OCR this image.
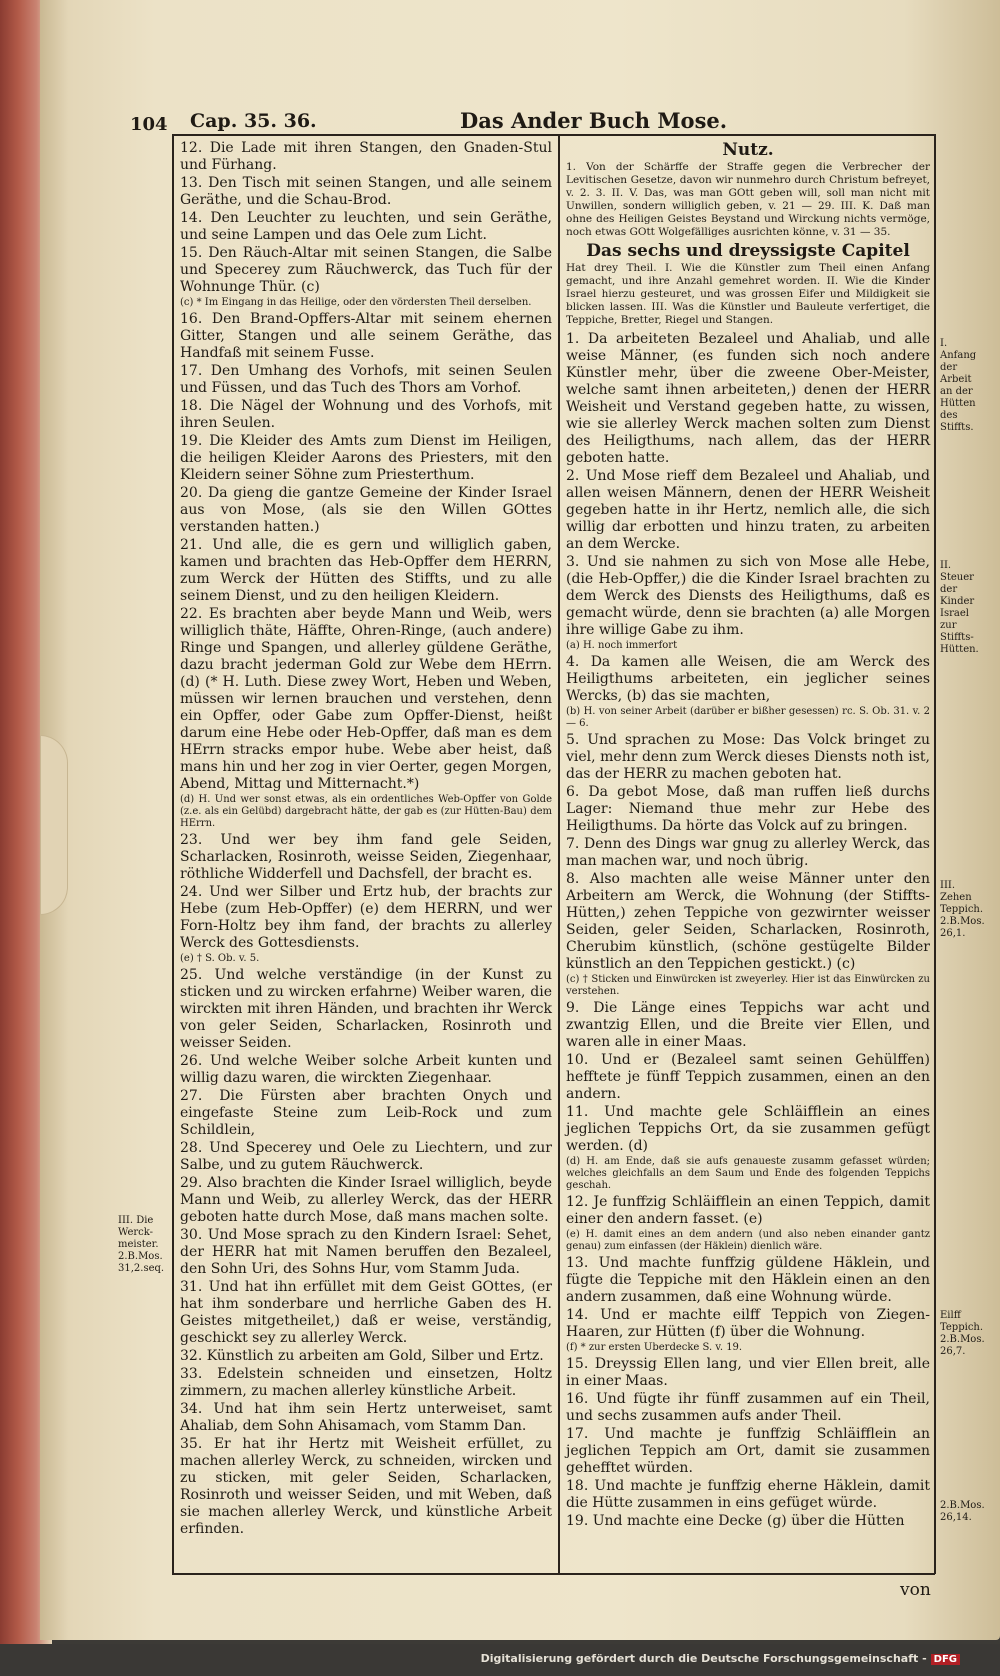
104 Cap. 35. 36.	Das Ander Buch Mose.
12. Die Lade mit ihren Stangen, den Gnaden-Stul und Fürhang.
13. Den Tisch mit seinen Stangen, und alle seinem Geräthe, und die Schau-Brod.
14. Den Leuchter zu leuchten, und sein Geräthe, und seine Lampen und das Oele zum Licht.
15. Den Räuch-Altar mit seinen Stangen, die Salbe und Specerey zum Räuchwerck, das Tuch für der Wohnunge Thür. (c)
(c) * Im Eingang in das Heilige, oder den vördersten Theil derselben.
16. Den Brand-Opffers-Altar mit seinem ehernen Gitter, Stangen und alle seinem Geräthe, das Handfaß mit seinem Fusse.
17. Den Umhang des Vorhofs, mit seinen Seulen und Füssen, und das Tuch des Thors am Vorhof.
18. Die Nägel der Wohnung und des Vorhofs, mit ihren Seulen.
19. Die Kleider des Amts zum Dienst im Heiligen, die heiligen Kleider Aarons des Priesters, mit den Kleidern seiner Söhne zum Priesterthum.
20. Da gieng die gantze Gemeine der Kinder Israel aus von Mose, (als sie den Willen GOttes verstanden hatten.)
21. Und alle, die es gern und williglich gaben, kamen und brachten das Heb-Opffer dem HERRN, zum Werck der Hütten des Stiffts, und zu alle seinem Dienst, und zu den heiligen Kleidern.
22. Es brachten aber beyde Mann und Weib, wers williglich thäte, Häffte, Ohren-Ringe, (auch andere) Ringe und Spangen, und allerley güldene Geräthe, dazu bracht jederman Gold zur Webe dem HErrn. (d) (* H. Luth. Diese zwey Wort, Heben und Weben, müssen wir lernen brauchen und verstehen, denn ein Opffer, oder Gabe zum Opffer-Dienst, heißt darum eine Hebe oder Heb-Opffer, daß man es dem HErrn stracks empor hube. Webe aber heist, daß mans hin und her zog in vier Oerter, gegen Morgen, Abend, Mittag und Mitternacht.*)
(d) H. Und wer sonst etwas, als ein ordentliches Web-Opffer von Golde (z.e. als ein Gelübd) dargebracht hätte, der gab es (zur Hütten-Bau) dem HErrn.
23. Und wer bey ihm fand gele Seiden, Scharlacken, Rosinroth, weisse Seiden, Ziegenhaar, röthliche Widderfell und Dachsfell, der bracht es.
24. Und wer Silber und Ertz hub, der brachts zur Hebe (zum Heb-Opffer) (e) dem HERRN, und wer Forn-Holtz bey ihm fand, der brachts zu allerley Werck des Gottesdiensts.
(e) † S. Ob. v. 5.
25. Und welche verständige (in der Kunst zu sticken und zu wircken erfahrne) Weiber waren, die wirckten mit ihren Händen, und brachten ihr Werck von geler Seiden, Scharlacken, Rosinroth und weisser Seiden.
26. Und welche Weiber solche Arbeit kunten und willig dazu waren, die wirckten Ziegenhaar.
27. Die Fürsten aber brachten Onych und eingefaste Steine zum Leib-Rock und zum Schildlein,
28. Und Specerey und Oele zu Liechtern, und zur Salbe, und zu gutem Räuchwerck.
29. Also brachten die Kinder Israel williglich, beyde Mann und Weib, zu allerley Werck, das der HERR geboten hatte durch Mose, daß mans machen solte.
30. Und Mose sprach zu den Kindern Israel: Sehet, der HERR hat mit Namen beruffen den Bezaleel, den Sohn Uri, des Sohns Hur, vom Stamm Juda.
31. Und hat ihn erfüllet mit dem Geist GOttes, (er hat ihm sonderbare und herrliche Gaben des H. Geistes mitgetheilet,) daß er weise, verständig, geschickt sey zu allerley Werck.
32. Künstlich zu arbeiten am Gold, Silber und Ertz.
33. Edelstein schneiden und einsetzen, Holtz zimmern, zu machen allerley künstliche Arbeit.
34. Und hat ihm sein Hertz unterweiset, samt Ahaliab, dem Sohn Ahisamach, vom Stamm Dan.
35. Er hat ihr Hertz mit Weisheit erfüllet, zu machen allerley Werck, zu schneiden, wircken und zu sticken, mit geler Seiden, Scharlacken, Rosinroth und weisser Seiden, und mit Weben, daß sie machen allerley Werck, und künstliche Arbeit erfinden.
Nutz.
1. Von der Schärffe der Straffe gegen die Verbrecher der Levitischen Gesetze, davon wir nunmehro durch Christum befreyet, v. 2. 3. II. V. Das, was man GOtt geben will, soll man nicht mit Unwillen, sondern williglich geben, v. 21 — 29. III. K. Daß man ohne des Heiligen Geistes Beystand und Wirckung nichts vermöge, noch etwas GOtt Wolgefälliges ausrichten könne, v. 31 — 35.
Das sechs und dreyssigste Capitel
Hat drey Theil. I. Wie die Künstler zum Theil einen Anfang gemacht, und ihre Anzahl gemehret worden. II. Wie die Kinder Israel hierzu gesteuret, und was grossen Eifer und Mildigkeit sie blicken lassen. III. Was die Künstler und Bauleute verfertiget, die Teppiche, Bretter, Riegel und Stangen.
1. Da arbeiteten Bezaleel und Ahaliab, und alle weise Männer, (es funden sich noch andere Künstler mehr, über die zweene Ober-Meister, welche samt ihnen arbeiteten,) denen der HERR Weisheit und Verstand gegeben hatte, zu wissen, wie sie allerley Werck machen solten zum Dienst des Heiligthums, nach allem, das der HERR geboten hatte.
2. Und Mose rieff dem Bezaleel und Ahaliab, und allen weisen Männern, denen der HERR Weisheit gegeben hatte in ihr Hertz, nemlich alle, die sich willig dar erbotten und hinzu traten, zu arbeiten an dem Wercke.
3. Und sie nahmen zu sich von Mose alle Hebe, (die Heb-Opffer,) die die Kinder Israel brachten zu dem Werck des Diensts des Heiligthums, daß es gemacht würde, denn sie brachten (a) alle Morgen ihre willige Gabe zu ihm.
(a) H. noch immerfort
4. Da kamen alle Weisen, die am Werck des Heiligthums arbeiteten, ein jeglicher seines Wercks, (b) das sie machten,
(b) H. von seiner Arbeit (darüber er bißher gesessen) rc. S. Ob. 31. v. 2 — 6.
5. Und sprachen zu Mose: Das Volck bringet zu viel, mehr denn zum Werck dieses Diensts noth ist, das der HERR zu machen geboten hat.
6. Da gebot Mose, daß man ruffen ließ durchs Lager: Niemand thue mehr zur Hebe des Heiligthums. Da hörte das Volck auf zu bringen.
7. Denn des Dings war gnug zu allerley Werck, das man machen war, und noch übrig.
8. Also machten alle weise Männer unter den Arbeitern am Werck, die Wohnung (der Stiffts-Hütten,) zehen Teppiche von gezwirnter weisser Seiden, geler Seiden, Scharlacken, Rosinroth, Cherubim künstlich, (schöne gestügelte Bilder künstlich an den Teppichen gestickt.) (c)
(c) † Sticken und Einwürcken ist zweyerley. Hier ist das Einwürcken zu verstehen.
9. Die Länge eines Teppichs war acht und zwantzig Ellen, und die Breite vier Ellen, und waren alle in einer Maas.
10. Und er (Bezaleel samt seinen Gehülffen) hefftete je fünff Teppich zusammen, einen an den andern.
11. Und machte gele Schläifflein an eines jeglichen Teppichs Ort, da sie zusammen gefügt werden. (d)
(d) H. am Ende, daß sie aufs genaueste zusamm gefasset würden; welches gleichfalls an dem Saum und Ende des folgenden Teppichs geschah.
12. Je funffzig Schläifflein an einen Teppich, damit einer den andern fasset. (e)
(e) H. damit eines an dem andern (und also neben einander gantz genau) zum einfassen (der Häklein) dienlich wäre.
13. Und machte funffzig güldene Häklein, und fügte die Teppiche mit den Häklein einen an den andern zusammen, daß eine Wohnung würde.
14. Und er machte eilff Teppich von Ziegen-Haaren, zur Hütten (f) über die Wohnung.
(f) * zur ersten Uberdecke S. v. 19.
15. Dreyssig Ellen lang, und vier Ellen breit, alle in einer Maas.
16. Und fügte ihr fünff zusammen auf ein Theil, und sechs zusammen aufs ander Theil.
17. Und machte je funffzig Schläifflein an jeglichen Teppich am Ort, damit sie zusammen gehefftet würden.
18. Und machte je funffzig eherne Häklein, damit die Hütte zusammen in eins gefüget würde.
19. Und machte eine Decke (g) über die Hütten
I. Anfang der Arbeit an der Hütten des Stiffts.
II. Steuer der Kinder Israel zur Stiffts-Hütten.
III. Zehen Teppich. 2.B.Mos. 26,1.
Eilff Teppich. 2.B.Mos. 26,7.
2.B.Mos. 26,14.
III. Die Werck-meister. 2.B.Mos. 31,2.seq.
von
Digitalisierung gefördert durch die Deutsche Forschungsgemeinschaft - DFG
